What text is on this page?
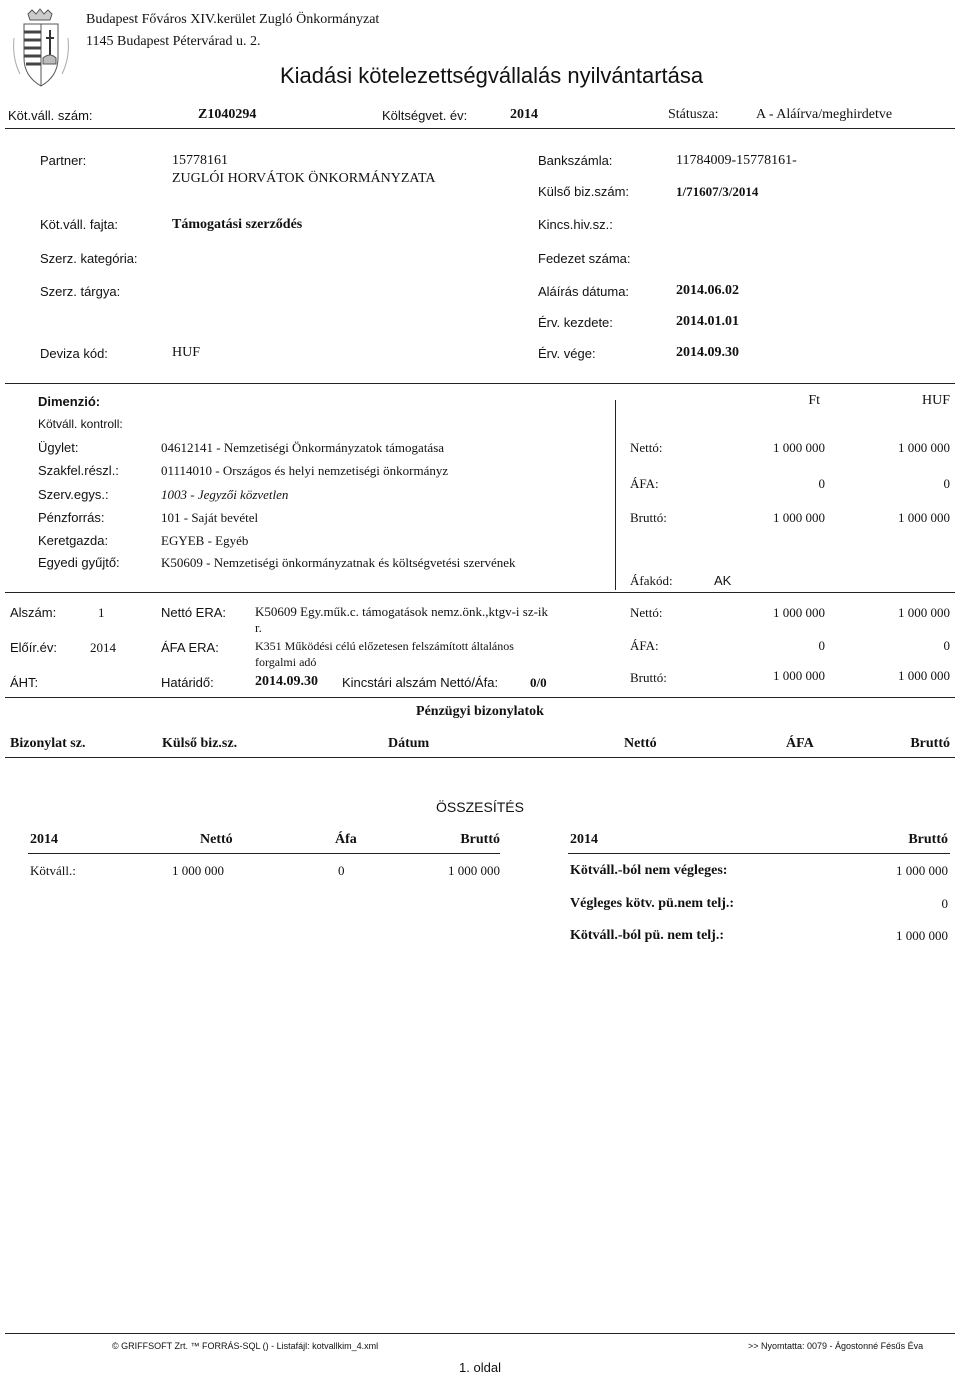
Budapest Főváros XIV.kerület Zugló Önkormányzat
1145 Budapest Pétervárad u. 2.
Kiadási kötelezettségvállalás nyilvántartása
Köt.váll. szám:	Z1040294	Költségvet. év:	2014	Státusza:	A - Aláírva/meghirdetve
Partner:	15778161
ZUGLÓI HORVÁTOK ÖNKORMÁNYZATA
Bankszámla:	11784009-15778161-
Külső biz.szám:	1/71607/3/2014
Köt.váll. fajta:	Támogatási szerződés	Kincs.hiv.sz.:
Szerz. kategória:	Fedezet száma:
Szerz. tárgya:	Aláírás dátuma:	2014.06.02
Érv. kezdete:	2014.01.01
Deviza kód:	HUF	Érv. vége:	2014.09.30
Dimenzió:	Ft	HUF
Kötváll. kontroll:
Ügylet:	04612141 - Nemzetiségi Önkormányzatok támogatása	Nettó:	1 000 000	1 000 000
Szakfel.részl.:	01114010 - Országos és helyi nemzetiségi önkormányz
ÁFA:	0	0
Szerv.egys.:	1003 - Jegyzői közvetlen
Pénzforrás:	101 - Saját bevétel	Bruttó:	1 000 000	1 000 000
Keretgazda:	EGYEB - Egyéb
Egyedi gyűjtő:	K50609 - Nemzetiségi önkormányzatnak és költségvetési szervének
Áfakód:	AK
Alszám:	1	Nettó ERA: K50609 Egy.műk.c. támogatások nemz.önk.,ktgv-i sz-ik
r.
Nettó:	1 000 000	1 000 000
Előír.év:	2014	ÁFA ERA:	K351 Működési célú előzetesen felszámított általános
forgalmi adó
ÁFA:	0	0
ÁHT:	Határidő:	2014.09.30 Kincstári alszám Nettó/Áfa: 0/0	Bruttó:	1 000 000	1 000 000
Pénzügyi bizonylatok
Bizonylat sz.	Külső biz.sz.	Dátum	Nettó	ÁFA	Bruttó
ÖSSZESÍTÉS
2014	Nettó	Áfa	Bruttó	2014	Bruttó
Kötváll.:	1 000 000	0	1 000 000	Kötváll.-ból nem végleges:	1 000 000
Végleges kötv. pü.nem telj.:	0
Kötváll.-ból pü. nem telj.:	1 000 000
© GRIFFSOFT Zrt. ™ FORRÁS-SQL () - Listafájl: kotvallkim_4.xml	>> Nyomtatta: 0079 - Ágostonné Fésűs Éva
1. oldal
